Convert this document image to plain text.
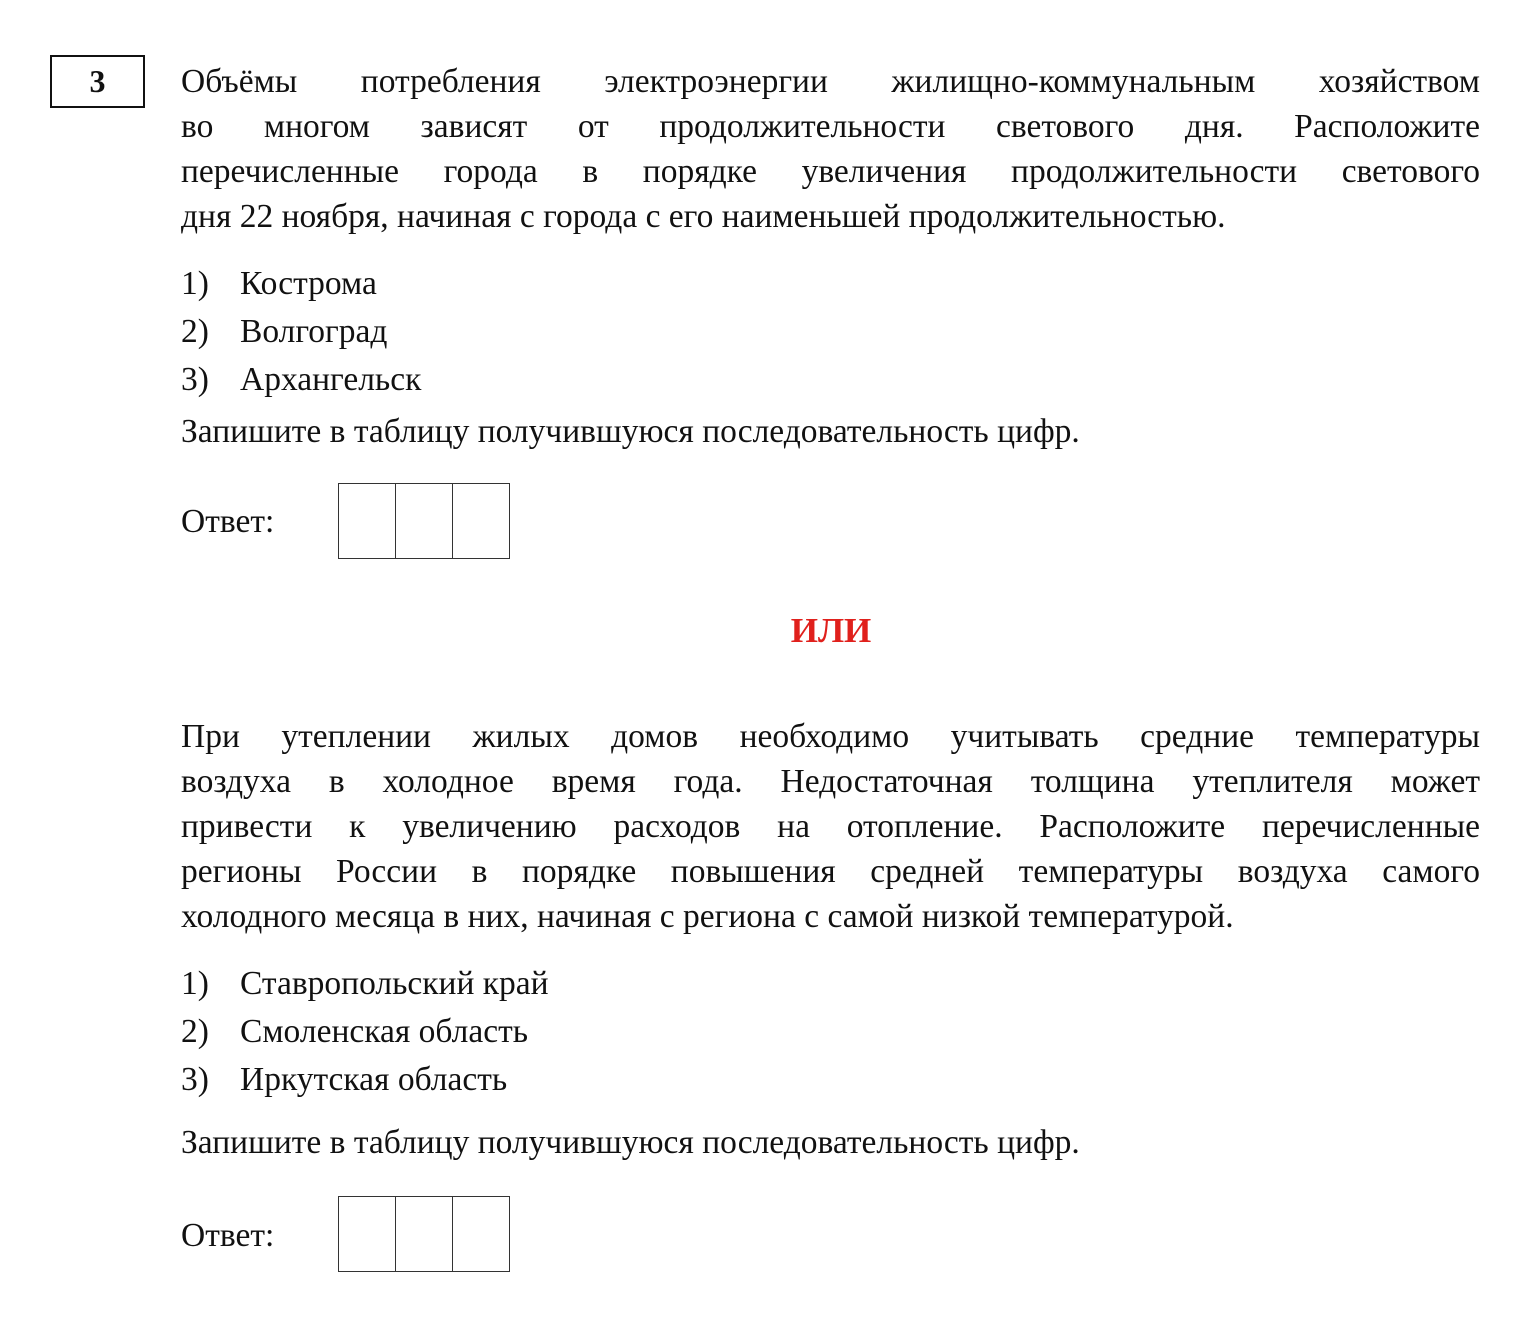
3	Объёмы потребления электроэнергии жилищно-коммунальным хозяйством
во многом зависят от продолжительности светового дня. Расположите
перечисленные города в порядке увеличения продолжительности светового
дня 22 ноября, начиная с города с его наименьшей продолжительностью.
1) Кострома
2) Волгоград
3) Архангельск
Запишите в таблицу получившуюся последовательность цифр.
Ответ:
ИЛИ
При утеплении жилых домов необходимо учитывать средние температуры
воздуха в холодное время года. Недостаточная толщина утеплителя может
привести к увеличению расходов на отопление. Расположите перечисленные
регионы России в порядке повышения средней температуры воздуха самого
холодного месяца в них, начиная с региона с самой низкой температурой.
1) Ставропольский край
2) Смоленская область
3) Иркутская область
Запишите в таблицу получившуюся последовательность цифр.
Ответ:
